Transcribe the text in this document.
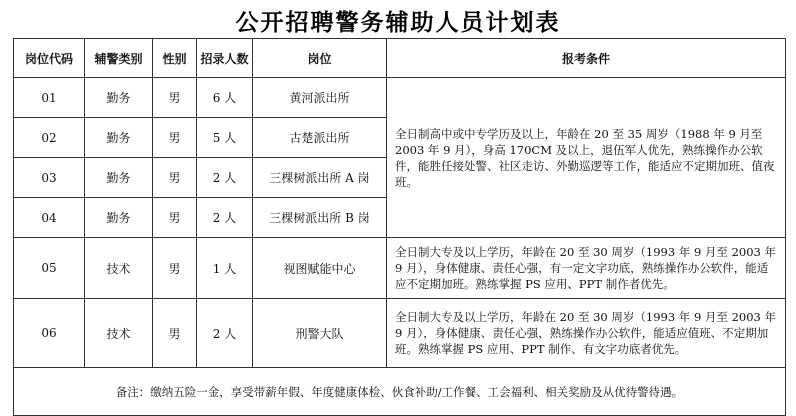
公开招聘警务辅助人员计划表
岗位代码	辅警类别	性别	招录人数	岗位	报考条件
01	勤务	男	6 人	黄河派出所	全日制高中或中专学历及以上，年龄在 20 至 35 周岁（1988 年 9 月至 2003 年 9 月），身高 170CM 及以上，退伍军人优先，熟练操作办公软件，能胜任接处警、社区走访、外勤巡逻等工作，能适应不定期加班、值夜班。
02	勤务	男	5 人	古楚派出所	
03	勤务	男	2 人	三棵树派出所 A 岗	
04	勤务	男	2 人	三棵树派出所 B 岗	
05	技术	男	1 人	视图赋能中心	全日制大专及以上学历，年龄在 20 至 30 周岁（1993 年 9 月至 2003 年 9 月），身体健康、责任心强，有一定文字功底，熟练操作办公软件，能适应不定期加班。熟练掌握 PS 应用、PPT 制作者优先。
06	技术	男	2 人	刑警大队	全日制大专及以上学历，年龄在 20 至 30 周岁（1993 年 9 月至 2003 年 9 月），身体健康、责任心强，熟练操作办公软件，能适应值班、不定期加班。熟练掌握 PS 应用、PPT 制作、有文字功底者优先。
备注：缴纳五险一金，享受带薪年假、年度健康体检、伙食补助/工作餐、工会福利、相关奖励及从优待警待遇。					
